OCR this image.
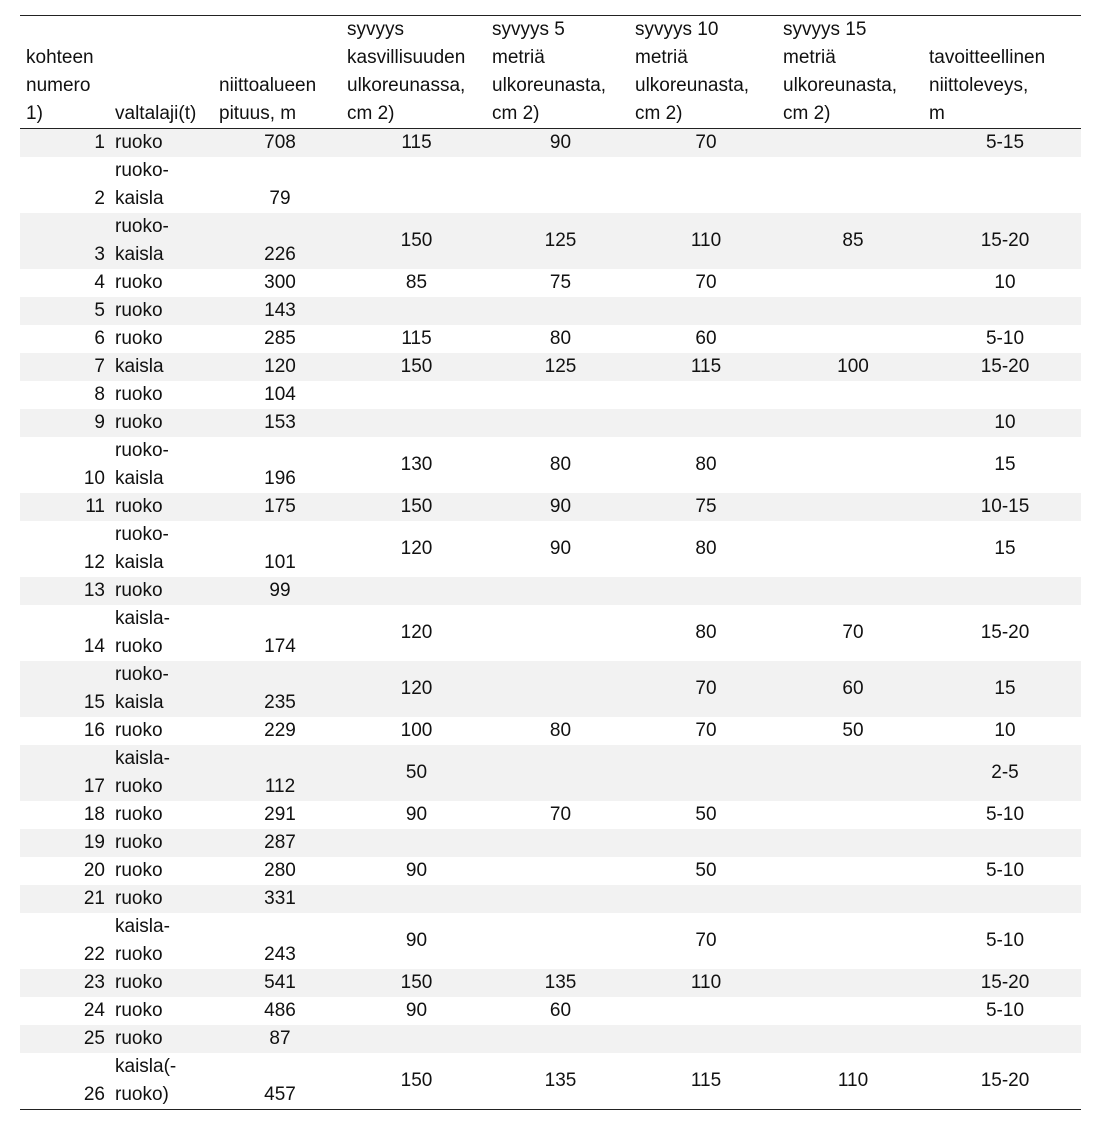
kohteen
numero
1)	valtalaji(t)	niittoalueen
pituus, m	syvyys
kasvillisuuden
ulkoreunassa,
cm 2)	syvyys 5
metriä
ulkoreunasta,
cm 2)	syvyys 10
metriä
ulkoreunasta,
cm 2)	syvyys 15
metriä
ulkoreunasta,
cm 2)	tavoitteellinen
niittoleveys,
m

1	ruoko	708	115	90	70		5-15
2	ruoko-
kaisla	79					
3	ruoko-
kaisla	226	150	125	110	85	15-20
4	ruoko	300	85	75	70		10
5	ruoko	143					
6	ruoko	285	115	80	60		5-10
7	kaisla	120	150	125	115	100	15-20
8	ruoko	104					
9	ruoko	153					10
10	ruoko-
kaisla	196	130	80	80		15
11	ruoko	175	150	90	75		10-15
12	ruoko-
kaisla	101	120	90	80		15
13	ruoko	99					
14	kaisla-
ruoko	174	120		80	70	15-20
15	ruoko-
kaisla	235	120		70	60	15
16	ruoko	229	100	80	70	50	10
17	kaisla-
ruoko	112	50				2-5
18	ruoko	291	90	70	50		5-10
19	ruoko	287					
20	ruoko	280	90		50		5-10
21	ruoko	331					
22	kaisla-
ruoko	243	90		70		5-10
23	ruoko	541	150	135	110		15-20
24	ruoko	486	90	60			5-10
25	ruoko	87					
26	kaisla(-
ruoko)	457	150	135	115	110	15-20
